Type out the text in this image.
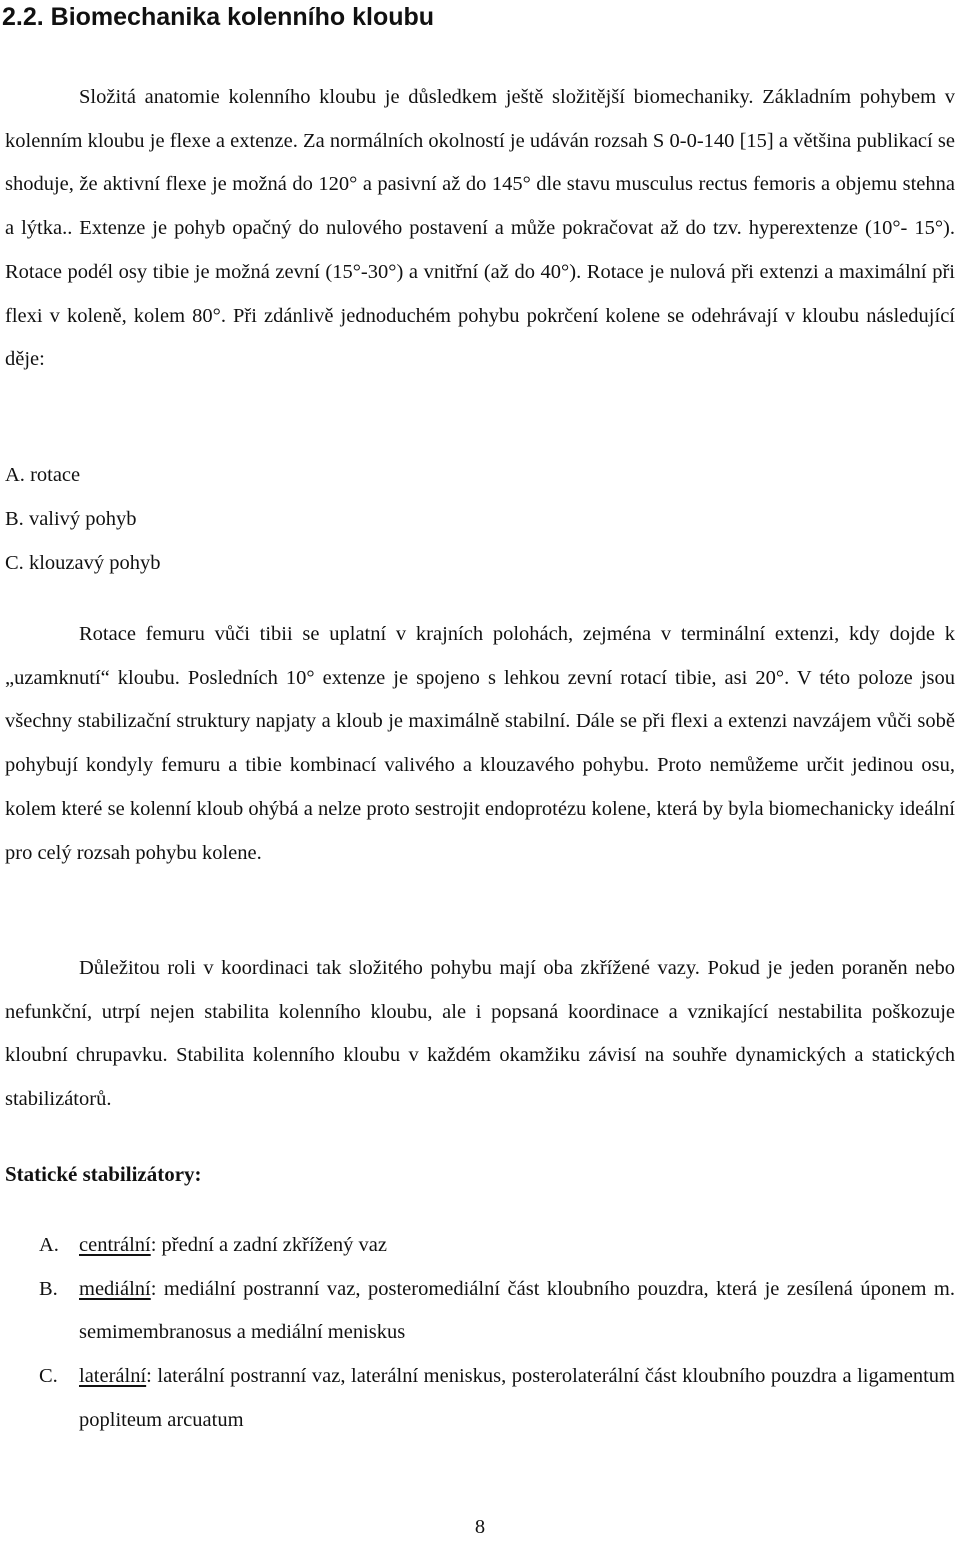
2.2. Biomechanika kolenního kloubu

Složitá anatomie kolenního kloubu je důsledkem ještě složitější biomechaniky. Základním pohybem v kolenním kloubu je flexe a extenze. Za normálních okolností je udáván rozsah S 0-0-140 [15] a většina publikací se shoduje, že aktivní flexe je možná do 120° a pasivní až do 145° dle stavu musculus rectus femoris a objemu stehna a lýtka.. Extenze je pohyb opačný do nulového postavení a může pokračovat až do tzv. hyperextenze (10°- 15°). Rotace podél osy tibie je možná zevní (15°-30°) a vnitřní (až do 40°). Rotace je nulová při extenzi a maximální při flexi v koleně, kolem 80°. Při zdánlivě jednoduchém pohybu pokrčení kolene se odehrávají v kloubu následující děje:

A. rotace

B. valivý pohyb

C. klouzavý pohyb

Rotace femuru vůči tibii se uplatní v krajních polohách, zejména v terminální extenzi, kdy dojde k „uzamknutí“ kloubu. Posledních 10° extenze je spojeno s lehkou zevní rotací tibie, asi 20°. V této poloze jsou všechny stabilizační struktury napjaty a kloub je maximálně stabilní. Dále se při flexi a extenzi navzájem vůči sobě pohybují kondyly femuru a tibie kombinací valivého a klouzavého pohybu. Proto nemůžeme určit jedinou osu, kolem které se kolenní kloub ohýbá a nelze proto sestrojit endoprotézu kolene, která by byla biomechanicky ideální pro celý rozsah pohybu kolene.

Důležitou roli v koordinaci tak složitého pohybu mají oba zkřížené vazy. Pokud je jeden poraněn nebo nefunkční, utrpí nejen stabilita kolenního kloubu, ale i popsaná koordinace a vznikající nestabilita poškozuje kloubní chrupavku. Stabilita kolenního kloubu v každém okamžiku závisí na souhře dynamických a statických stabilizátorů.

Statické stabilizátory:
A. centrální: přední a zadní zkřížený vaz
B. mediální: mediální postranní vaz, posteromediální část kloubního pouzdra, která je zesílená úponem m. semimembranosus a mediální meniskus
C. laterální: laterální postranní vaz, laterální meniskus, posterolaterální část kloubního pouzdra a ligamentum popliteum arcuatum

8
